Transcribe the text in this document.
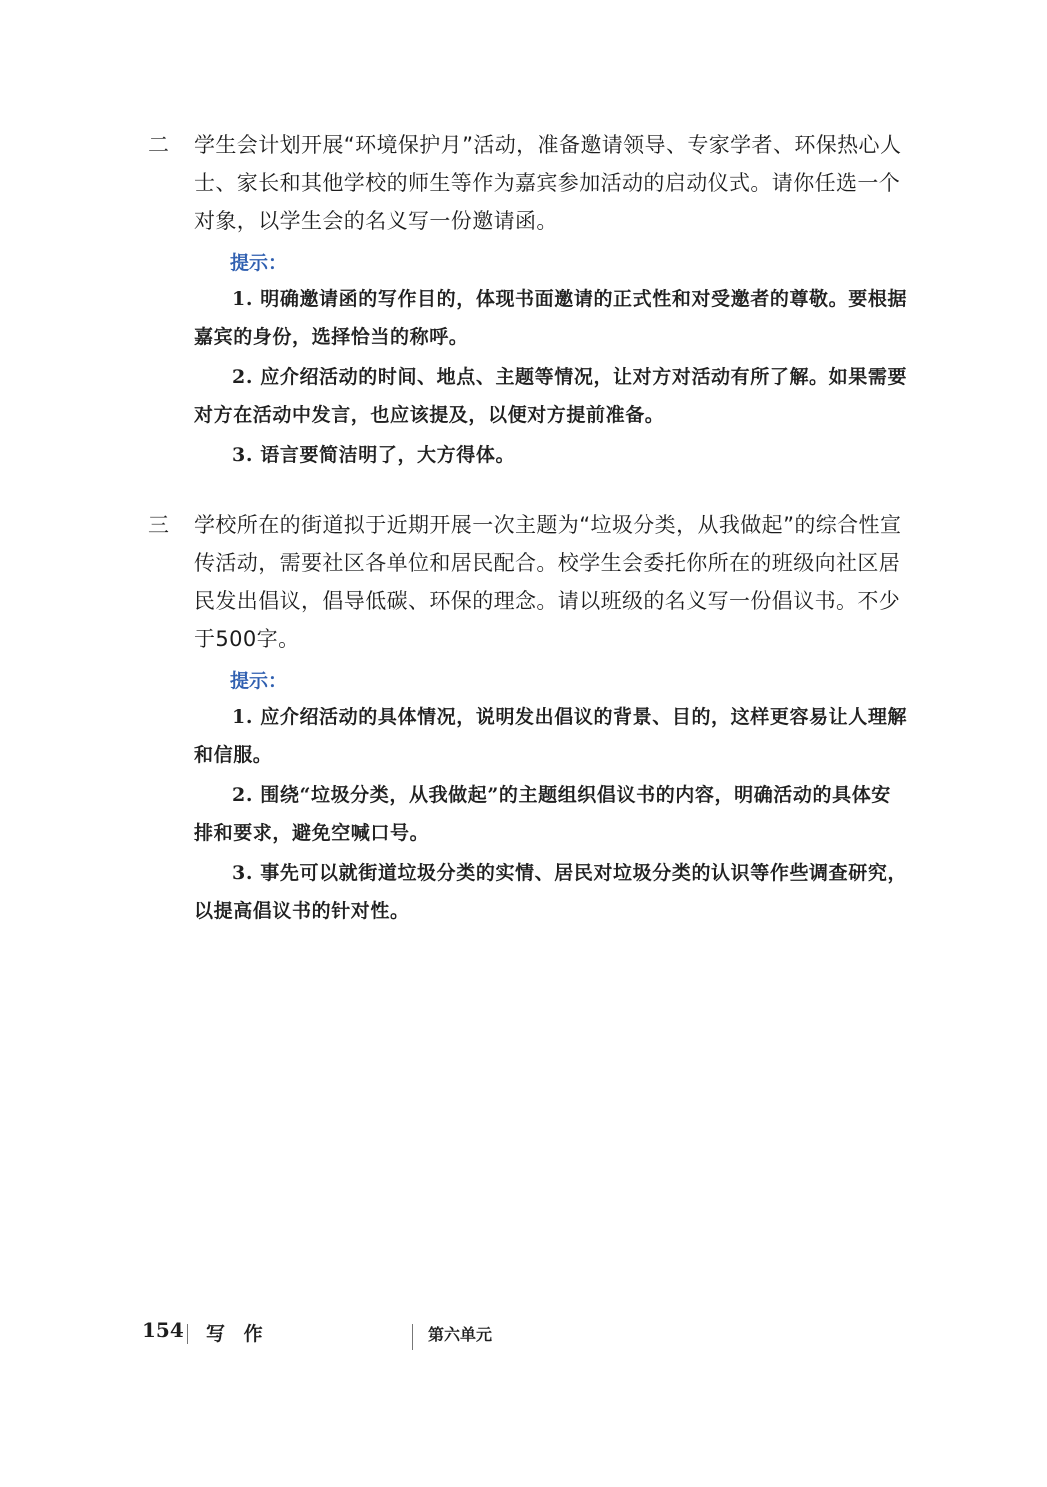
二 学生会计划开展“环境保护月”活动，准备邀请领导、专家学者、环保热心人士、家长和其他学校的师生等作为嘉宾参加活动的启动仪式。请你任选一个对象，以学生会的名义写一份邀请函。
提示：
1. 明确邀请函的写作目的，体现书面邀请的正式性和对受邀者的尊敬。要根据嘉宾的身份，选择恰当的称呼。
2. 应介绍活动的时间、地点、主题等情况，让对方对活动有所了解。如果需要对方在活动中发言，也应该提及，以便对方提前准备。
3. 语言要简洁明了，大方得体。
三 学校所在的街道拟于近期开展一次主题为“垃圾分类，从我做起”的综合性宣传活动，需要社区各单位和居民配合。校学生会委托你所在的班级向社区居民发出倡议，倡导低碳、环保的理念。请以班级的名义写一份倡议书。不少于500字。
提示：
1. 应介绍活动的具体情况，说明发出倡议的背景、目的，这样更容易让人理解和信服。
2. 围绕“垃圾分类，从我做起”的主题组织倡议书的内容，明确活动的具体安排和要求，避免空喊口号。
3. 事先可以就街道垃圾分类的实情、居民对垃圾分类的认识等作些调查研究，以提高倡议书的针对性。
154 写 作	第六单元
